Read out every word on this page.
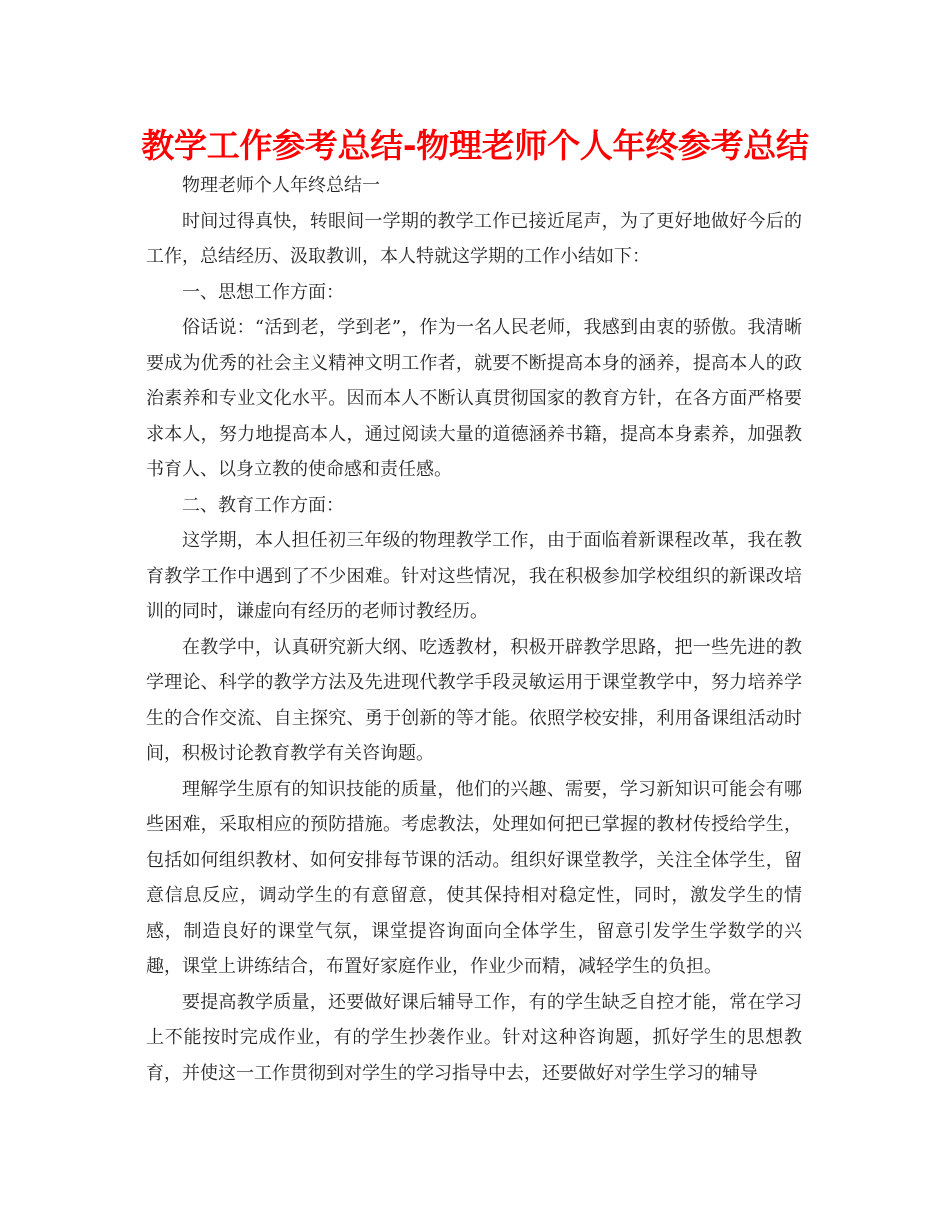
教学工作参考总结-物理老师个人年终参考总结

物理老师个人年终总结一

时间过得真快，转眼间一学期的教学工作已接近尾声，为了更好地做好今后的工作，总结经历、汲取教训，本人特就这学期的工作小结如下：

一、思想工作方面：

俗话说：“活到老，学到老”，作为一名人民老师，我感到由衷的骄傲。我清晰要成为优秀的社会主义精神文明工作者，就要不断提高本身的涵养，提高本人的政治素养和专业文化水平。因而本人不断认真贯彻国家的教育方针，在各方面严格要求本人，努力地提高本人，通过阅读大量的道德涵养书籍，提高本身素养，加强教书育人、以身立教的使命感和责任感。

二、教育工作方面：

这学期，本人担任初三年级的物理教学工作，由于面临着新课程改革，我在教育教学工作中遇到了不少困难。针对这些情况，我在积极参加学校组织的新课改培训的同时，谦虚向有经历的老师讨教经历。

在教学中，认真研究新大纲、吃透教材，积极开辟教学思路，把一些先进的教学理论、科学的教学方法及先进现代教学手段灵敏运用于课堂教学中，努力培养学生的合作交流、自主探究、勇于创新的等才能。依照学校安排，利用备课组活动时间，积极讨论教育教学有关咨询题。

理解学生原有的知识技能的质量，他们的兴趣、需要，学习新知识可能会有哪些困难，采取相应的预防措施。考虑教法，处理如何把已掌握的教材传授给学生，包括如何组织教材、如何安排每节课的活动。组织好课堂教学，关注全体学生，留意信息反应，调动学生的有意留意，使其保持相对稳定性，同时，激发学生的情感，制造良好的课堂气氛，课堂提咨询面向全体学生，留意引发学生学数学的兴趣，课堂上讲练结合，布置好家庭作业，作业少而精，减轻学生的负担。

要提高教学质量，还要做好课后辅导工作，有的学生缺乏自控才能，常在学习上不能按时完成作业，有的学生抄袭作业。针对这种咨询题，抓好学生的思想教育，并使这一工作贯彻到对学生的学习指导中去，还要做好对学生学习的辅导
